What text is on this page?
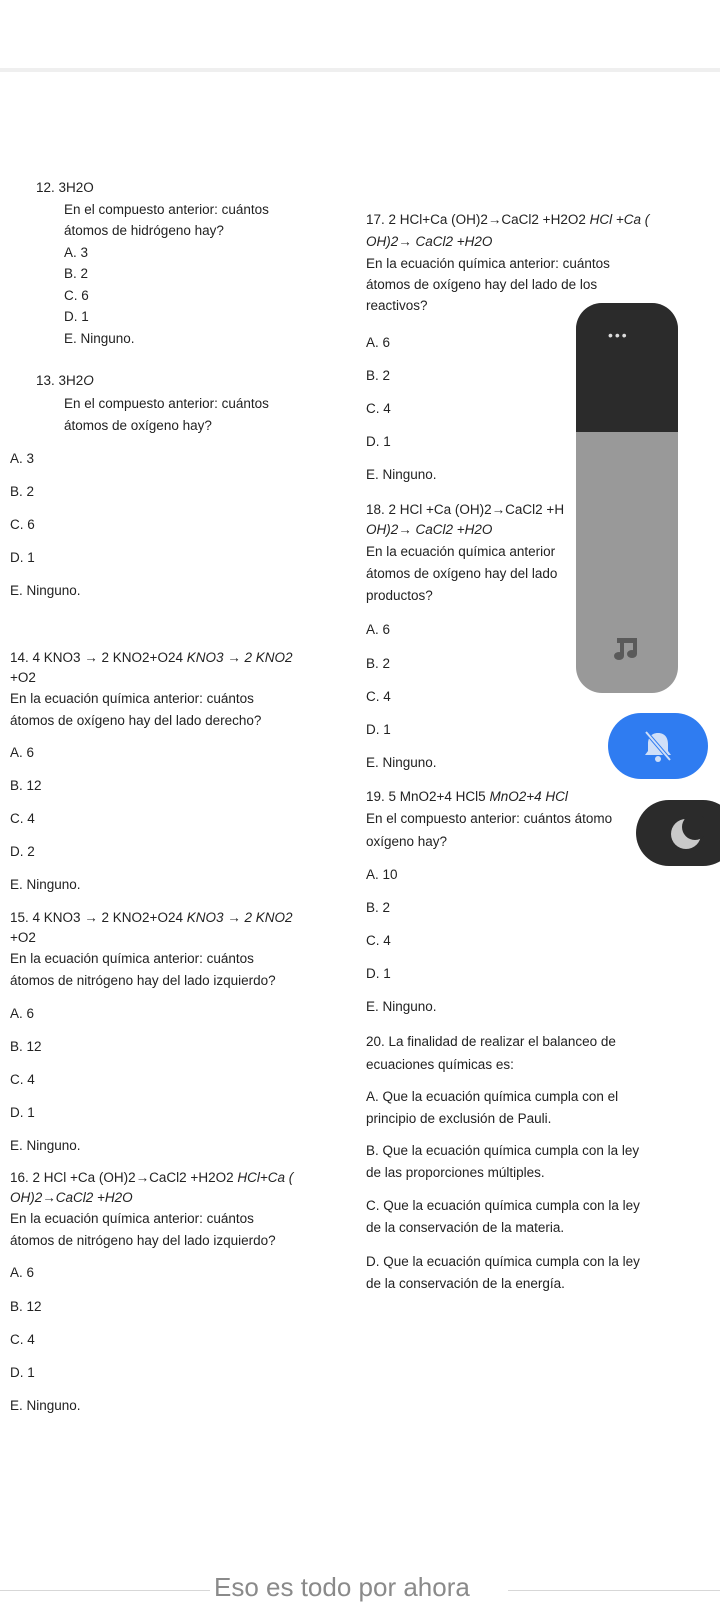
12. 3H2O
En el compuesto anterior: cuántos
átomos de hidrógeno hay?
A. 3
B. 2
C. 6
D. 1
E. Ninguno.
13. 3H2O
En el compuesto anterior: cuántos
átomos de oxígeno hay?
A. 3
B. 2
C. 6
D. 1
E. Ninguno.
14. 4 KNO3 → 2 KNO2+O24 KNO3 → 2 KNO2
+O2
En la ecuación química anterior: cuántos
átomos de oxígeno hay del lado derecho?
A. 6
B. 12
C. 4
D. 2
E. Ninguno.
15. 4 KNO3 → 2 KNO2+O24 KNO3 → 2 KNO2
+O2
En la ecuación química anterior: cuántos
átomos de nitrógeno hay del lado izquierdo?
A. 6
B. 12
C. 4
D. 1
E. Ninguno.
16. 2 HCl +Ca (OH)2→CaCl2 +H2O2 HCl+Ca (
OH)2→CaCl2 +H2O
En la ecuación química anterior: cuántos
átomos de nitrógeno hay del lado izquierdo?
A. 6
B. 12
C. 4
D. 1
E. Ninguno.
17. 2 HCl+Ca (OH)2→CaCl2 +H2O2 HCl +Ca (
OH)2→ CaCl2 +H2O
En la ecuación química anterior: cuántos
átomos de oxígeno hay del lado de los
reactivos?
A. 6
B. 2
C. 4
D. 1
E. Ninguno.
18. 2 HCl +Ca (OH)2→CaCl2 +H
OH)2→ CaCl2 +H2O
En la ecuación química anterior
átomos de oxígeno hay del lado
productos?
A. 6
B. 2
C. 4
D. 1
E. Ninguno.
19. 5 MnO2+4 HCl5 MnO2+4 HCl
En el compuesto anterior: cuántos átomo
oxígeno hay?
A. 10
B. 2
C. 4
D. 1
E. Ninguno.
20. La finalidad de realizar el balanceo de
ecuaciones químicas es:
A. Que la ecuación química cumpla con el
principio de exclusión de Pauli.
B. Que la ecuación química cumpla con la ley
de las proporciones múltiples.
C. Que la ecuación química cumpla con la ley
de la conservación de la materia.
D. Que la ecuación química cumpla con la ley
de la conservación de la energía.
•••
Eso es todo por ahora
